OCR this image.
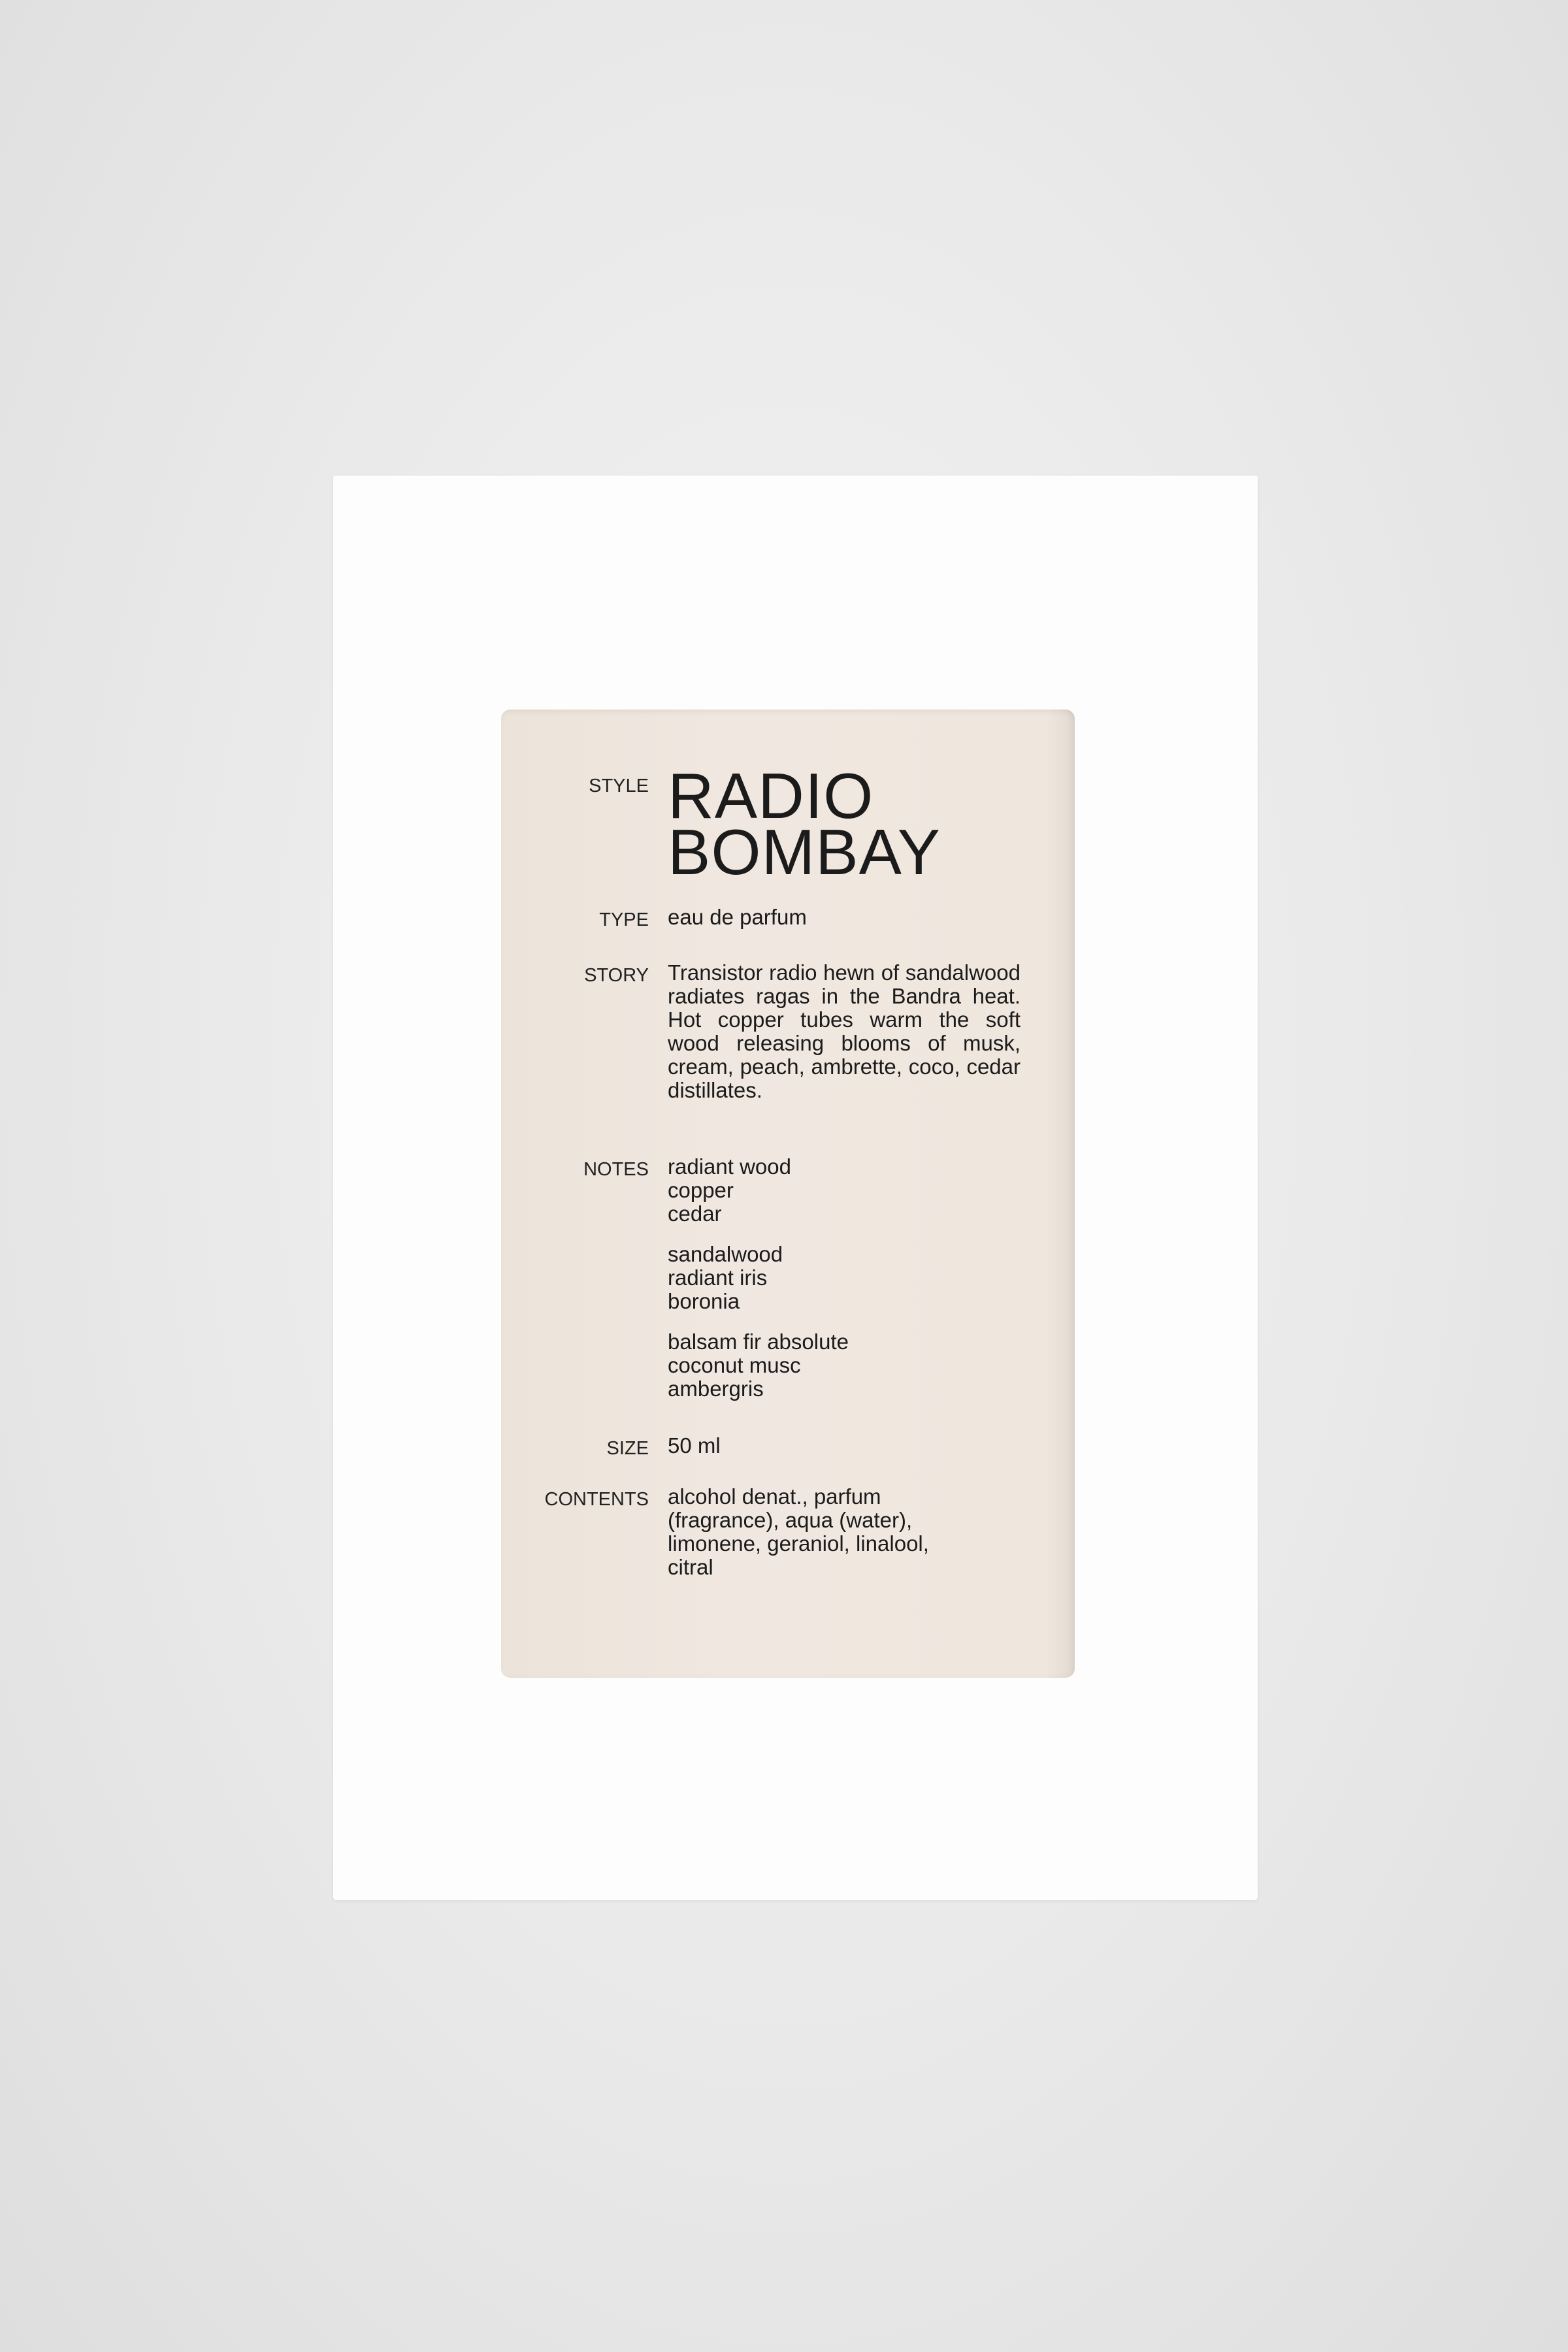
STYLE RADIO
BOMBAY
TYPE eau de parfum
STORY Transistor radio hewn of sandalwood radiates ragas in the Bandra heat. Hot copper tubes warm the soft wood releasing blooms of musk, cream, peach, ambrette, coco, cedar distillates.
NOTES radiant wood
copper
cedar
sandalwood
radiant iris
boronia
balsam fir absolute
coconut musc
ambergris
SIZE 50 ml
CONTENTS alcohol denat., parfum
(fragrance), aqua (water),
limonene, geraniol, linalool,
citral
